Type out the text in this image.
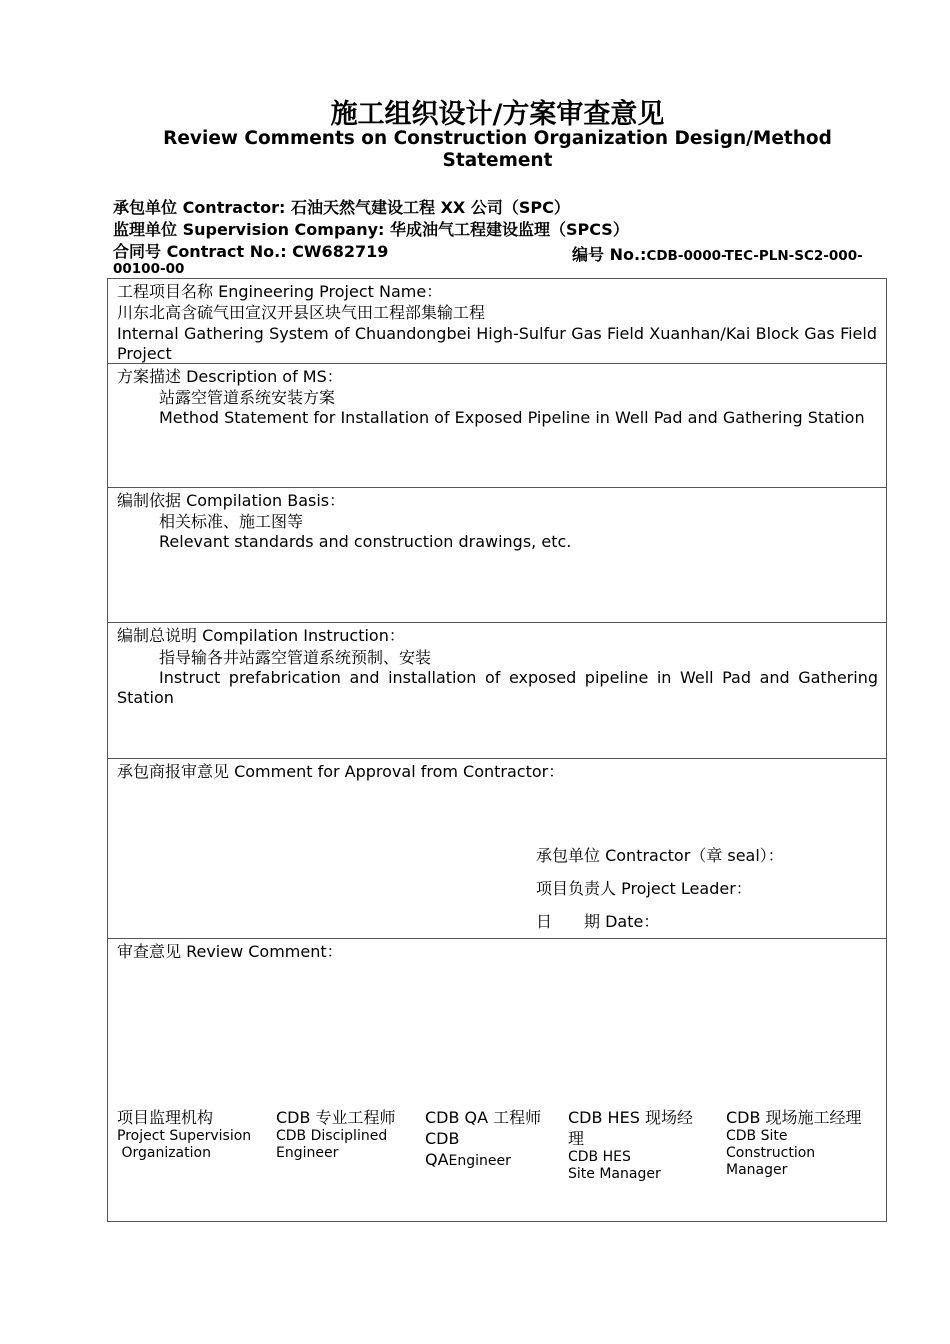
施工组织设计/方案审查意见
Review Comments on Construction Organization Design/Method Statement
承包单位 Contractor: 石油天然气建设工程 XX 公司（SPC）
监理单位 Supervision Company: 华成油气工程建设监理（SPCS）
合同号 Contract No.: CW682719	编号 No.:CDB-0000-TEC-PLN-SC2-000-
00100-00
工程项目名称 Engineering Project Name：
川东北高含硫气田宣汉开县区块气田工程部集输工程
Internal Gathering System of Chuandongbei High-Sulfur Gas Field Xuanhan/Kai Block Gas Field Project
方案描述 Description of MS：
站露空管道系统安装方案
Method Statement for Installation of Exposed Pipeline in Well Pad and Gathering Station
编制依据 Compilation Basis：
相关标准、施工图等
Relevant standards and construction drawings, etc.
编制总说明 Compilation Instruction：
指导输各井站露空管道系统预制、安装
Instruct prefabrication and installation of exposed pipeline in Well Pad and Gathering Station
承包商报审意见 Comment for Approval from Contractor：
承包单位 Contractor（章 seal）：
项目负责人 Project Leader：
日　　期 Date：
审查意见 Review Comment：
项目监理机构
Project Supervision
Organization
CDB 专业工程师
CDB Disciplined
Engineer
CDB QA 工程师
CDB
QAEngineer
CDB HES 现场经
理
CDB HES
Site Manager
CDB 现场施工经理
CDB Site
Construction
Manager
